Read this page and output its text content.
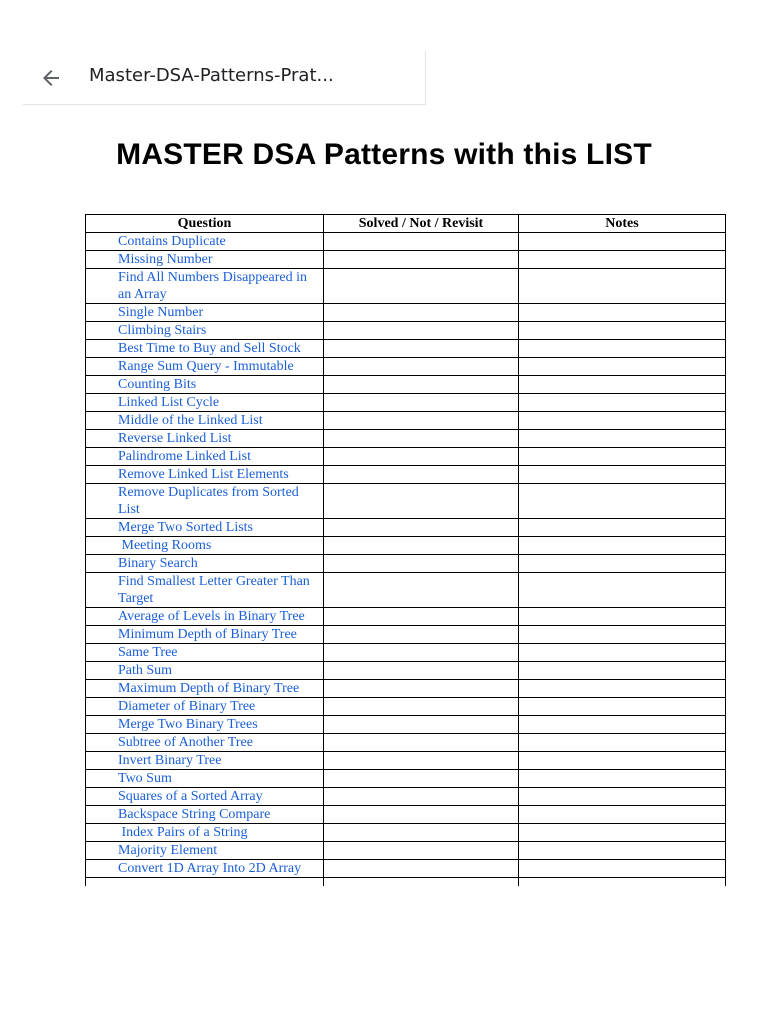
Master-DSA-Patterns-Prat...
MASTER DSA Patterns with this LIST
Question	Solved / Not / Revisit	Notes

Contains Duplicate		

Missing Number		

Find All Numbers Disappeared in an Array		

Single Number		

Climbing Stairs		

Best Time to Buy and Sell Stock		

Range Sum Query - Immutable		

Counting Bits		

Linked List Cycle		

Middle of the Linked List		

Reverse Linked List		

Palindrome Linked List		

Remove Linked List Elements		

Remove Duplicates from Sorted List		

Merge Two Sorted Lists		

Meeting Rooms		

Binary Search		

Find Smallest Letter Greater Than Target		

Average of Levels in Binary Tree		

Minimum Depth of Binary Tree		

Same Tree		

Path Sum		

Maximum Depth of Binary Tree		

Diameter of Binary Tree		

Merge Two Binary Trees		

Subtree of Another Tree		

Invert Binary Tree		

Two Sum		

Squares of a Sorted Array		

Backspace String Compare		

Index Pairs of a String		

Majority Element		

Convert 1D Array Into 2D Array		
